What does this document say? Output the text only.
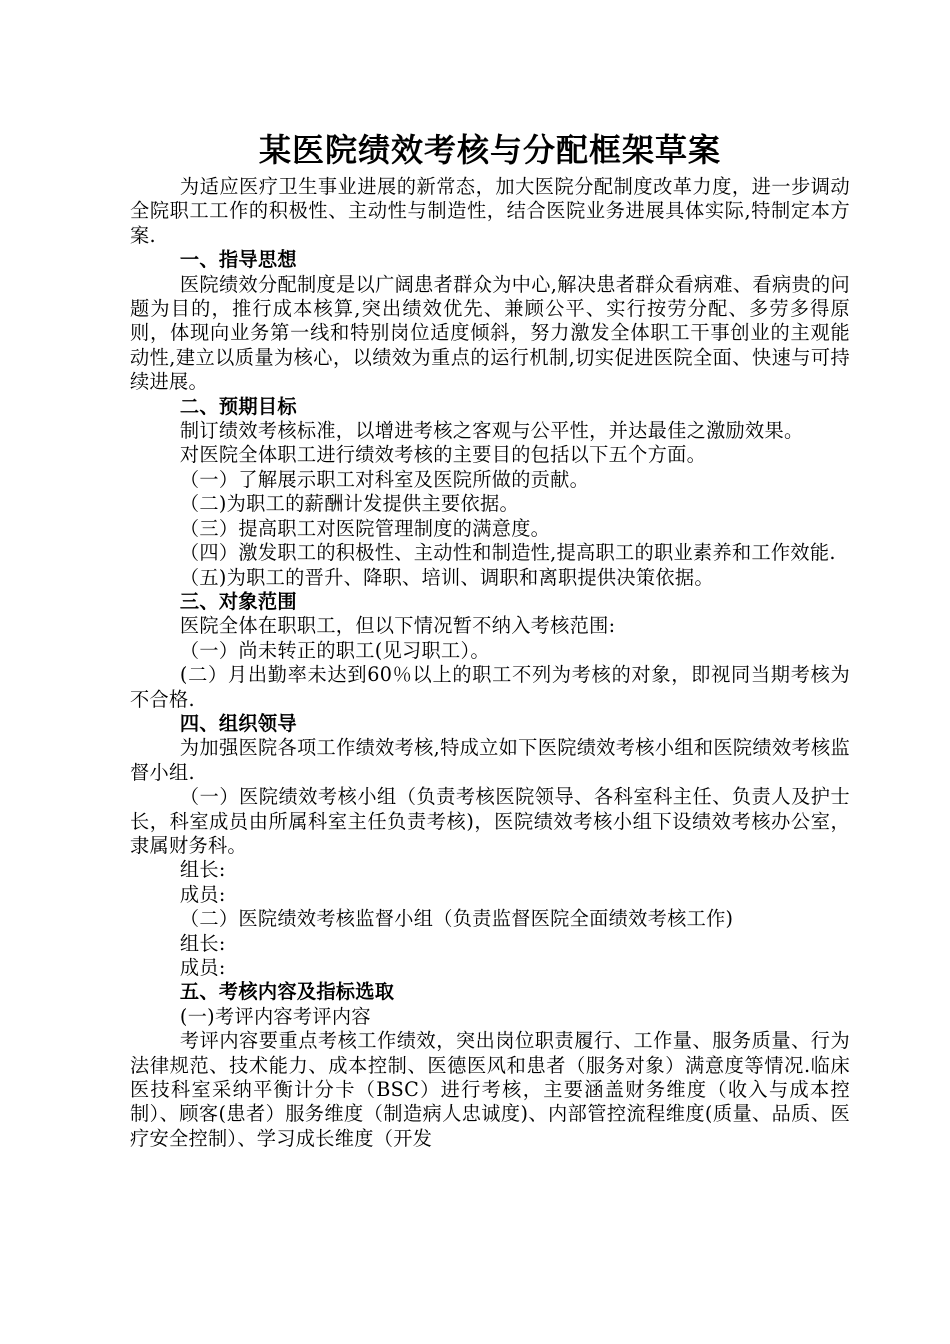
某医院绩效考核与分配框架草案

为适应医疗卫生事业进展的新常态，加大医院分配制度改革力度，进一步调动全院职工工作的积极性、主动性与制造性，结合医院业务进展具体实际,特制定本方案.

一、指导思想

医院绩效分配制度是以广阔患者群众为中心,解决患者群众看病难、看病贵的问题为目的，推行成本核算,突出绩效优先、兼顾公平、实行按劳分配、多劳多得原则，体现向业务第一线和特别岗位适度倾斜，努力激发全体职工干事创业的主观能动性,建立以质量为核心，以绩效为重点的运行机制,切实促进医院全面、快速与可持续进展。

二、预期目标

制订绩效考核标准，以增进考核之客观与公平性，并达最佳之激励效果。

对医院全体职工进行绩效考核的主要目的包括以下五个方面。

（一）了解展示职工对科室及医院所做的贡献。

（二)为职工的薪酬计发提供主要依据。

（三）提高职工对医院管理制度的满意度。

（四）激发职工的积极性、主动性和制造性,提高职工的职业素养和工作效能.

（五)为职工的晋升、降职、培训、调职和离职提供决策依据。

三、对象范围

医院全体在职职工，但以下情况暂不纳入考核范围:

（一）尚未转正的职工(见习职工）。

(二）月出勤率未达到60％以上的职工不列为考核的对象，即视同当期考核为不合格.

四、组织领导

为加强医院各项工作绩效考核,特成立如下医院绩效考核小组和医院绩效考核监督小组.

（一）医院绩效考核小组（负责考核医院领导、各科室科主任、负责人及护士长，科室成员由所属科室主任负责考核)，医院绩效考核小组下设绩效考核办公室，隶属财务科。

组长:

成员:

（二）医院绩效考核监督小组（负责监督医院全面绩效考核工作)

组长:

成员:

五、考核内容及指标选取

(一)考评内容考评内容

考评内容要重点考核工作绩效，突出岗位职责履行、工作量、服务质量、行为法律规范、技术能力、成本控制、医德医风和患者（服务对象）满意度等情况.临床医技科室采纳平衡计分卡（BSC）进行考核，主要涵盖财务维度（收入与成本控制）、顾客(患者）服务维度（制造病人忠诚度)、内部管控流程维度(质量、品质、医疗安全控制）、学习成长维度（开发
